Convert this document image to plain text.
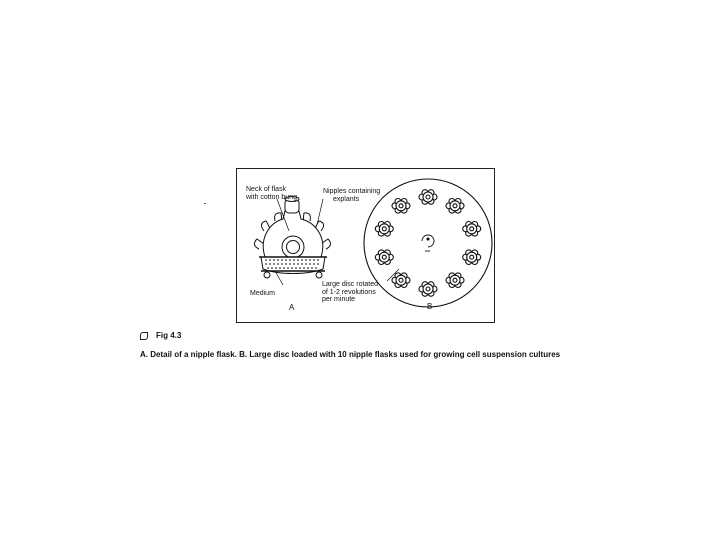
Neck of flask
with cotton bung
Nipples containing
explants
Medium
Large disc rotated
of 1-2 revolutions
per minute
A	B
Fig 4.3
A. Detail of a nipple flask. B. Large disc loaded with 10 nipple flasks used for growing cell suspension cultures
